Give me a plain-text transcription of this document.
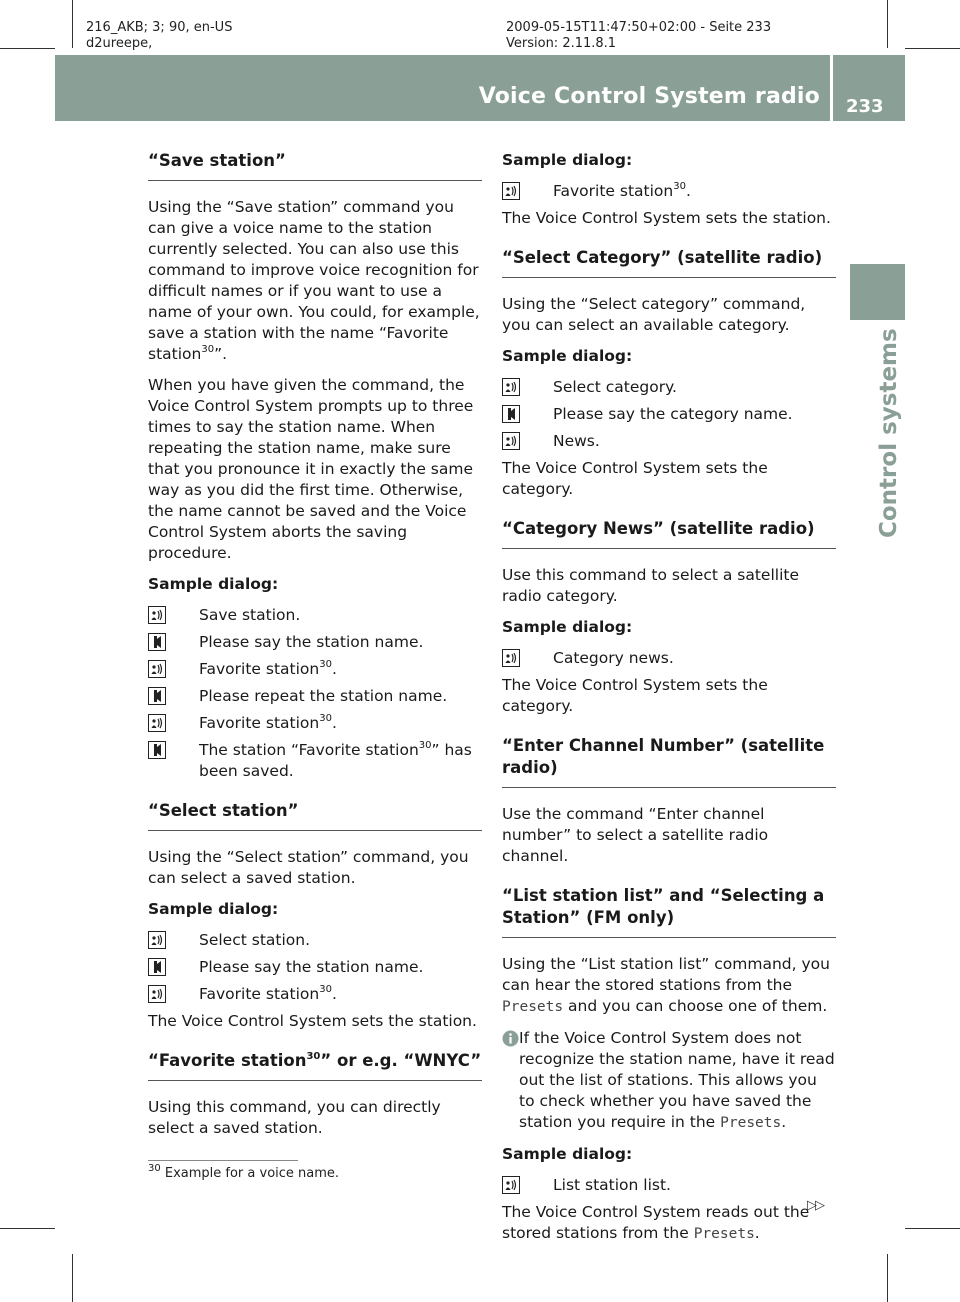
216_AKB; 3; 90, en-US
d2ureepe,
2009-05-15T11:47:50+02:00 - Seite 233
Version: 2.11.8.1
Voice Control System radio 233
Control systems
“Save station”

Using the “Save station” command you can give a voice name to the station currently selected. You can also use this command to improve voice recognition for difficult names or if you want to use a name of your own. You could, for example, save a station with the name “Favorite station$^{30}$”.

When you have given the command, the Voice Control System prompts up to three times to say the station name. When repeating the station name, make sure that you pronounce it in exactly the same way as you did the first time. Otherwise, the name cannot be saved and the Voice Control System aborts the saving procedure.

Sample dialog:

Save station.
Please say the station name.
Favorite station$^{30}$.
Please repeat the station name.
Favorite station$^{30}$.
The station “Favorite station$^{30}$” has been saved.
“Select station”

Using the “Select station” command, you can select a saved station.

Sample dialog:

Select station.
Please say the station name.
Favorite station$^{30}$.

The Voice Control System sets the station.

“Favorite station$^{30}$” or e.g. “WNYC”

Using this command, you can directly select a saved station.

Sample dialog:

Favorite station$^{30}$.

The Voice Control System sets the station.

“Select Category” (satellite radio)

Using the “Select category” command, you can select an available category.

Sample dialog:

Select category.
Please say the category name.
News.

The Voice Control System sets the category.

“Category News” (satellite radio)

Use this command to select a satellite radio category.

Sample dialog:

Category news.

The Voice Control System sets the category.

“Enter Channel Number” (satellite radio)

Use the command “Enter channel number” to select a satellite radio channel.

“List station list” and “Selecting a Station” (FM only)

Using the “List station list” command, you can hear the stored stations from the Presets and you can choose one of them.

If the Voice Control System does not recognize the station name, have it read out the list of stations. This allows you to check whether you have saved the station you require in the Presets.

Sample dialog:

List station list.

The Voice Control System reads out the stored stations from the Presets.

$^{30}$ Example for a voice name.
▷▷
